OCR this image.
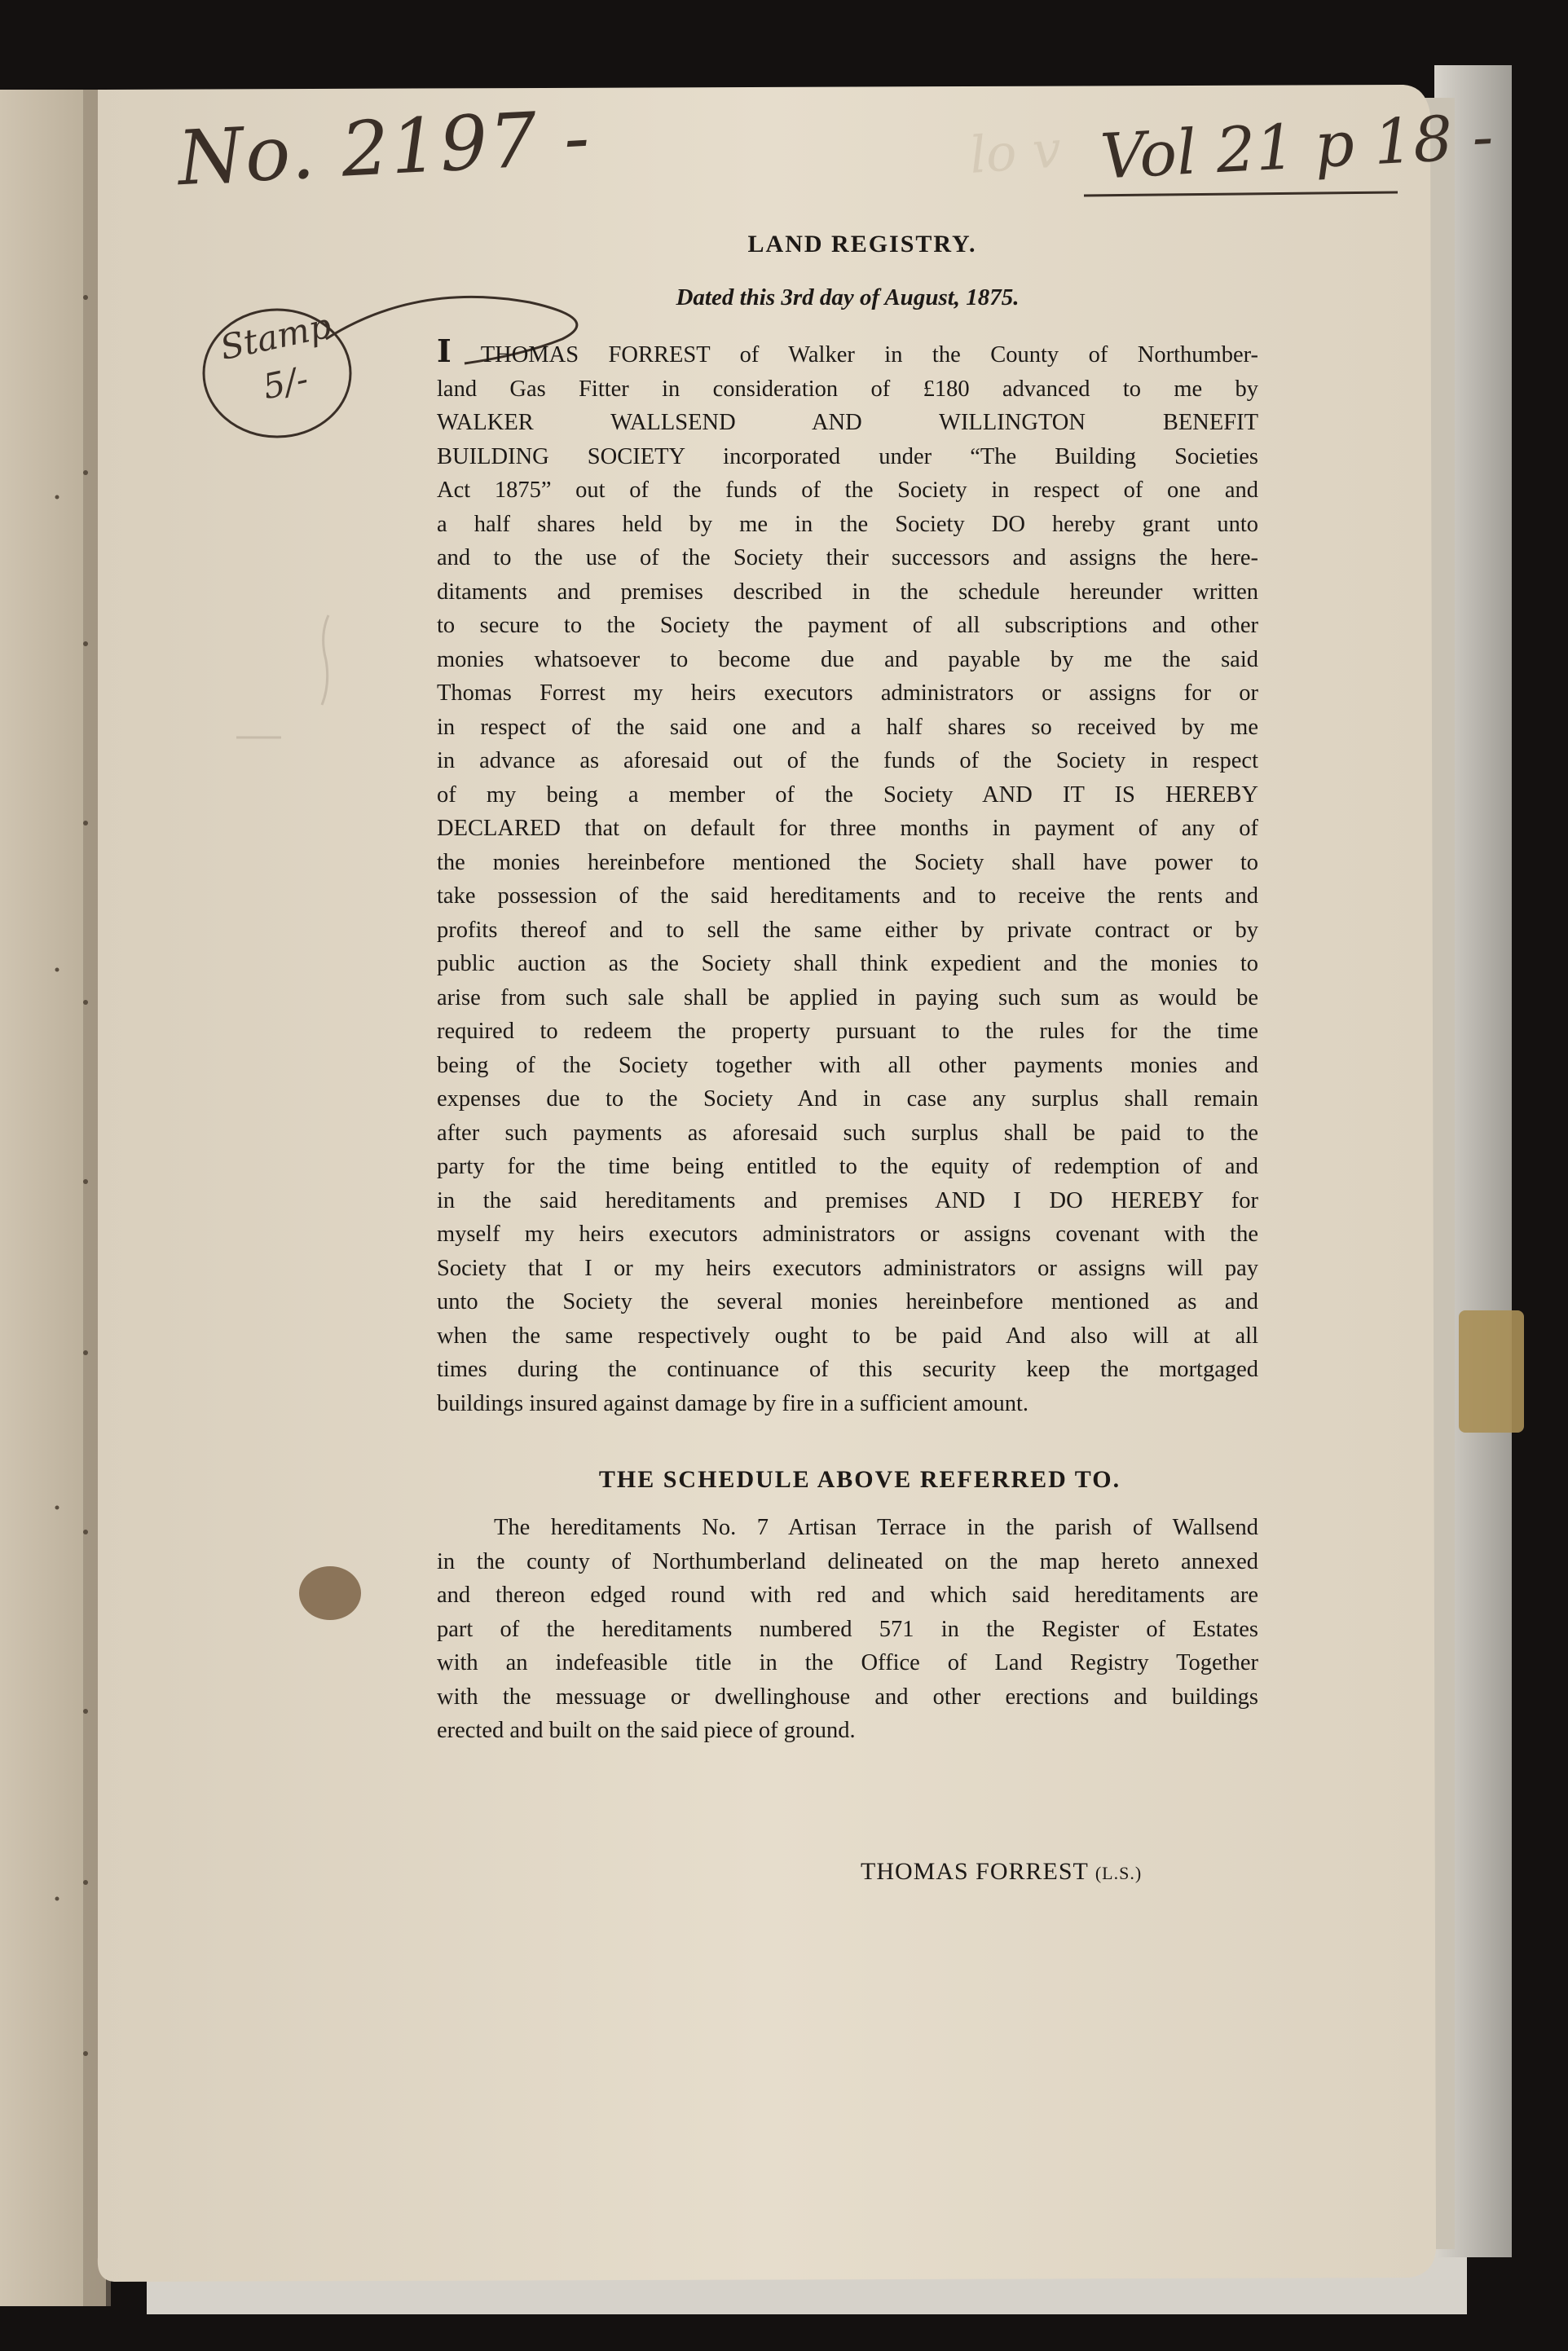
No. 2197 -	lo v Vol 21 p 18 -
Stamp
5/-
LAND REGISTRY.

Dated this 3rd day of August, 1875.

I THOMAS FORREST of Walker in the County of Northumber-
land Gas Fitter in consideration of £180 advanced to me by
WALKER WALLSEND AND WILLINGTON BENEFIT
BUILDING SOCIETY incorporated under “The Building Societies
Act 1875” out of the funds of the Society in respect of one and
a half shares held by me in the Society DO hereby grant unto
and to the use of the Society their successors and assigns the here-
ditaments and premises described in the schedule hereunder written
to secure to the Society the payment of all subscriptions and other
monies whatsoever to become due and payable by me the said
Thomas Forrest my heirs executors administrators or assigns for or
in respect of the said one and a half shares so received by me
in advance as aforesaid out of the funds of the Society in respect
of my being a member of the Society AND IT IS HEREBY
DECLARED that on default for three months in payment of any of
the monies hereinbefore mentioned the Society shall have power to
take possession of the said hereditaments and to receive the rents and
profits thereof and to sell the same either by private contract or by
public auction as the Society shall think expedient and the monies to
arise from such sale shall be applied in paying such sum as would be
required to redeem the property pursuant to the rules for the time
being of the Society together with all other payments monies and
expenses due to the Society And in case any surplus shall remain
after such payments as aforesaid such surplus shall be paid to the
party for the time being entitled to the equity of redemption of and
in the said hereditaments and premises AND I DO HEREBY for
myself my heirs executors administrators or assigns covenant with the
Society that I or my heirs executors administrators or assigns will pay
unto the Society the several monies hereinbefore mentioned as and
when the same respectively ought to be paid And also will at all
times during the continuance of this security keep the mortgaged
buildings insured against damage by fire in a sufficient amount.
THE SCHEDULE ABOVE REFERRED TO.
The hereditaments No. 7 Artisan Terrace in the parish of Wallsend
in the county of Northumberland delineated on the map hereto annexed
and thereon edged round with red and which said hereditaments are
part of the hereditaments numbered 571 in the Register of Estates
with an indefeasible title in the Office of Land Registry Together
with the messuage or dwellinghouse and other erections and buildings
erected and built on the said piece of ground.
THOMAS FORREST (L.S.)
